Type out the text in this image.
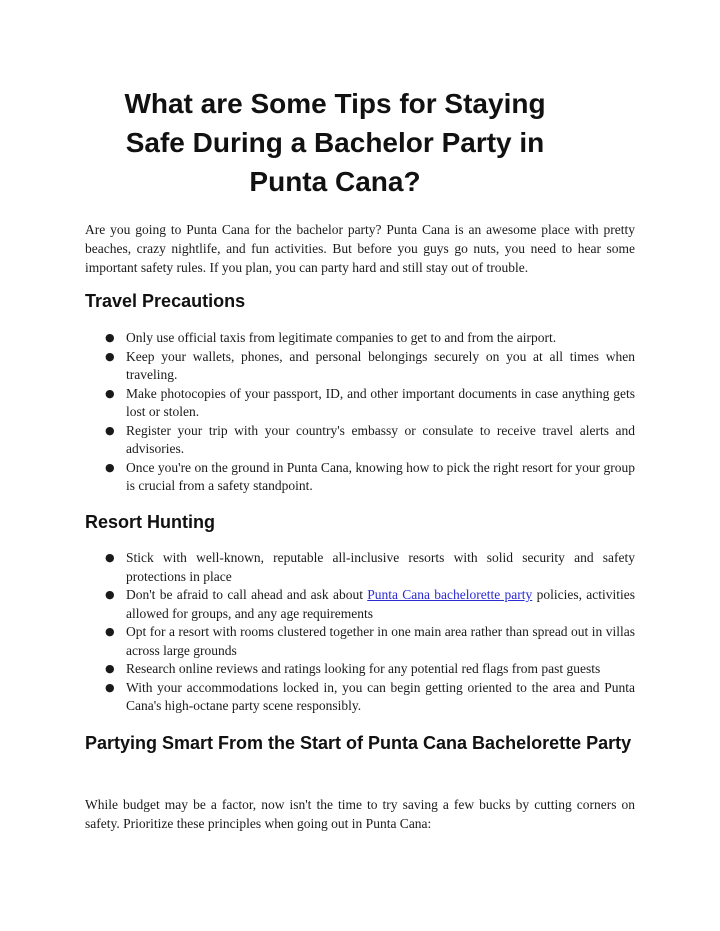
What are Some Tips for Staying
Safe During a Bachelor Party in
Punta Cana?

Are you going to Punta Cana for the bachelor party? Punta Cana is an awesome place with pretty beaches, crazy nightlife, and fun activities. But before you guys go nuts, you need to hear some important safety rules. If you plan, you can party hard and still stay out of trouble.

Travel Precautions
● Only use official taxis from legitimate companies to get to and from the airport.
● Keep your wallets, phones, and personal belongings securely on you at all times when traveling.
● Make photocopies of your passport, ID, and other important documents in case anything gets lost or stolen.
● Register your trip with your country's embassy or consulate to receive travel alerts and advisories.
● Once you're on the ground in Punta Cana, knowing how to pick the right resort for your group is crucial from a safety standpoint.
Resort Hunting
● Stick with well-known, reputable all-inclusive resorts with solid security and safety protections in place
● Don't be afraid to call ahead and ask about Punta Cana bachelorette party policies, activities allowed for groups, and any age requirements
● Opt for a resort with rooms clustered together in one main area rather than spread out in villas across large grounds
● Research online reviews and ratings looking for any potential red flags from past guests
● With your accommodations locked in, you can begin getting oriented to the area and Punta Cana's high-octane party scene responsibly.
Partying Smart From the Start of Punta Cana Bachelorette Party

While budget may be a factor, now isn't the time to try saving a few bucks by cutting corners on safety. Prioritize these principles when going out in Punta Cana:
